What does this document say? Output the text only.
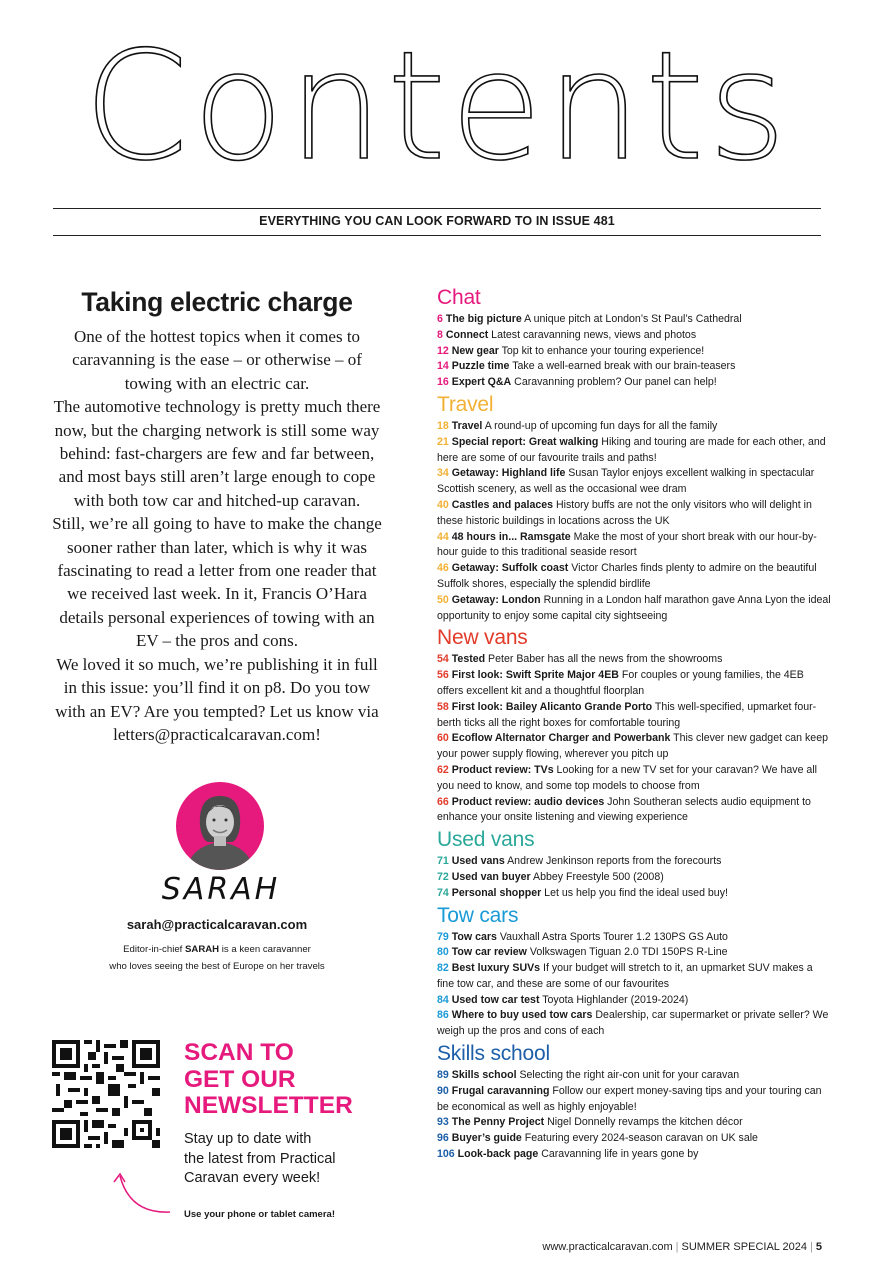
Contents
EVERYTHING YOU CAN LOOK FORWARD TO IN ISSUE 481
Taking electric charge

One of the hottest topics when it comes to caravanning is the ease – or otherwise – of towing with an electric car.

The automotive technology is pretty much there now, but the charging network is still some way behind: fast-chargers are few and far between, and most bays still aren’t large enough to cope with both tow car and hitched-up caravan.

Still, we’re all going to have to make the change sooner rather than later, which is why it was fascinating to read a letter from one reader that we received last week. In it, Francis O’Hara details personal experiences of towing with an EV – the pros and cons.

We loved it so much, we’re publishing it in full in this issue: you’ll find it on p8. Do you tow with an EV? Are you tempted? Let us know via letters@practicalcaravan.com!

SARAH
sarah@practicalcaravan.com
Editor-in-chief SARAH is a keen caravanner
who loves seeing the best of Europe on her travels
SCAN TO
GET OUR
NEWSLETTER
Stay up to date with
the latest from Practical
Caravan every week!
Use your phone or tablet camera!
Chat
6 The big picture A unique pitch at London’s St Paul’s Cathedral
8 Connect Latest caravanning news, views and photos
12 New gear Top kit to enhance your touring experience!
14 Puzzle time Take a well-earned break with our brain-teasers
16 Expert Q&A Caravanning problem? Our panel can help!
Travel
18 Travel A round-up of upcoming fun days for all the family
21 Special report: Great walking Hiking and touring are made for each other, and here are some of our favourite trails and paths!
34 Getaway: Highland life Susan Taylor enjoys excellent walking in spectacular Scottish scenery, as well as the occasional wee dram
40 Castles and palaces History buffs are not the only visitors who will delight in these historic buildings in locations across the UK
44 48 hours in... Ramsgate Make the most of your short break with our hour-by-hour guide to this traditional seaside resort
46 Getaway: Suffolk coast Victor Charles finds plenty to admire on the beautiful Suffolk shores, especially the splendid birdlife
50 Getaway: London Running in a London half marathon gave Anna Lyon the ideal opportunity to enjoy some capital city sightseeing
New vans
54 Tested Peter Baber has all the news from the showrooms
56 First look: Swift Sprite Major 4EB For couples or young families, the 4EB offers excellent kit and a thoughtful floorplan
58 First look: Bailey Alicanto Grande Porto This well-specified, upmarket four-berth ticks all the right boxes for comfortable touring
60 Ecoflow Alternator Charger and Powerbank This clever new gadget can keep your power supply flowing, wherever you pitch up
62 Product review: TVs Looking for a new TV set for your caravan? We have all you need to know, and some top models to choose from
66 Product review: audio devices John Southeran selects audio equipment to enhance your onsite listening and viewing experience
Used vans
71 Used vans Andrew Jenkinson reports from the forecourts
72 Used van buyer Abbey Freestyle 500 (2008)
74 Personal shopper Let us help you find the ideal used buy!
Tow cars
79 Tow cars Vauxhall Astra Sports Tourer 1.2 130PS GS Auto
80 Tow car review Volkswagen Tiguan 2.0 TDI 150PS R-Line
82 Best luxury SUVs If your budget will stretch to it, an upmarket SUV makes a fine tow car, and these are some of our favourites
84 Used tow car test Toyota Highlander (2019-2024)
86 Where to buy used tow cars Dealership, car supermarket or private seller? We weigh up the pros and cons of each
Skills school
89 Skills school Selecting the right air-con unit for your caravan
90 Frugal caravanning Follow our expert money-saving tips and your touring can be economical as well as highly enjoyable!
93 The Penny Project Nigel Donnelly revamps the kitchen décor
96 Buyer’s guide Featuring every 2024-season caravan on UK sale
106 Look-back page Caravanning life in years gone by
www.practicalcaravan.com | SUMMER SPECIAL 2024 | 5
